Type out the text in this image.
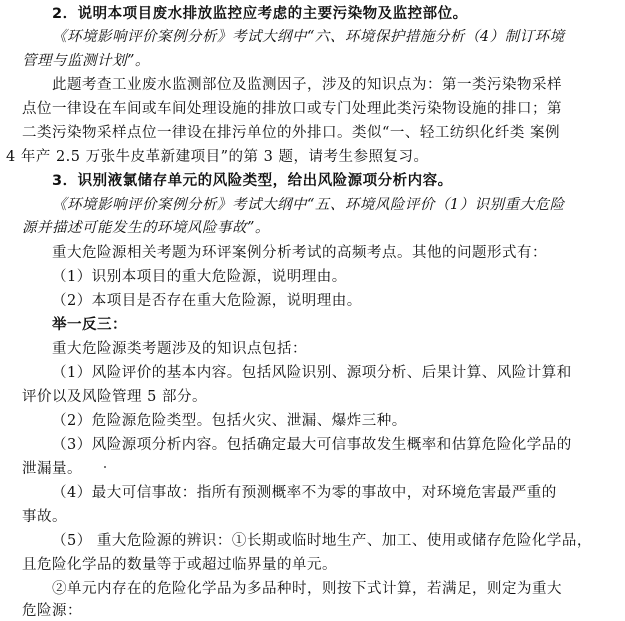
2．说明本项目废水排放监控应考虑的主要污染物及监控部位。
《环境影响评价案例分析》考试大纲中“六、环境保护措施分析（4）制订环境
管理与监测计划”。
此题考查工业废水监测部位及监测因子，涉及的知识点为：第一类污染物采样
点位一律设在车间或车间处理设施的排放口或专门处理此类污染物设施的排口；第
二类污染物采样点位一律设在排污单位的外排口。类似“一、轻工纺织化纤类 案例
4 年产 2.5 万张牛皮革新建项目”的第 3 题，请考生参照复习。
3．识别液氯储存单元的风险类型，给出风险源项分析内容。
《环境影响评价案例分析》考试大纲中“五、环境风险评价（1）识别重大危险
源并描述可能发生的环境风险事故”。
重大危险源相关考题为环评案例分析考试的高频考点。其他的问题形式有：
（1）识别本项目的重大危险源，说明理由。
（2）本项目是否存在重大危险源，说明理由。
举一反三：
重大危险源类考题涉及的知识点包括：
（1）风险评价的基本内容。包括风险识别、源项分析、后果计算、风险计算和
评价以及风险管理 5 部分。
（2）危险源危险类型。包括火灾、泄漏、爆炸三种。
（3）风险源项分析内容。包括确定最大可信事故发生概率和估算危险化学品的
泄漏量。
（4）最大可信事故：指所有预测概率不为零的事故中，对环境危害最严重的
事故。
（5） 重大危险源的辨识：①长期或临时地生产、加工、使用或储存危险化学品，
且危险化学品的数量等于或超过临界量的单元。
②单元内存在的危险化学品为多品种时，则按下式计算，若满足，则定为重大
危险源：
